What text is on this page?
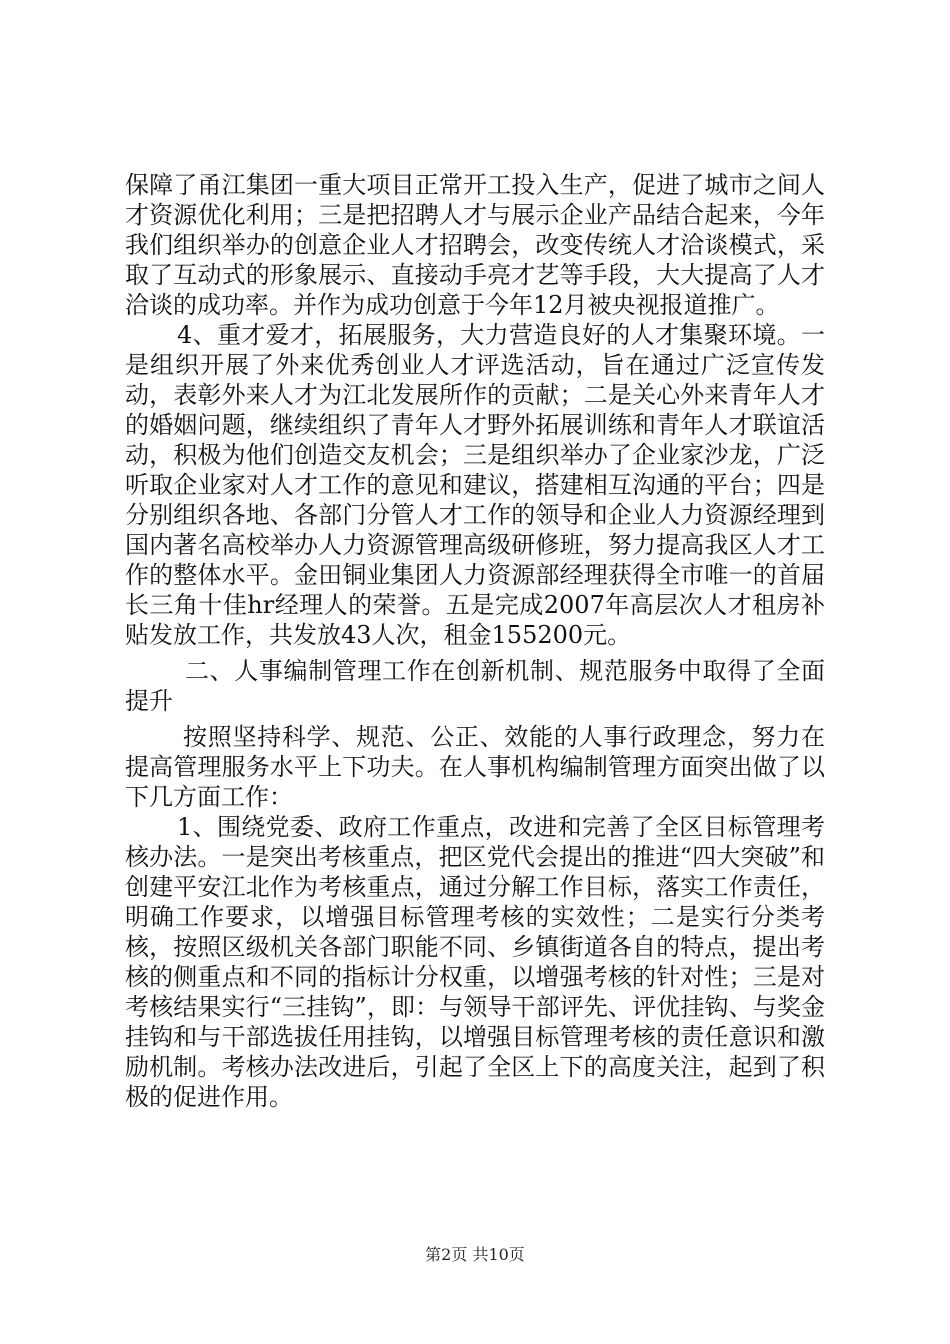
保障了甬江集团一重大项目正常开工投入生产，促进了城市之间人才资源优化利用；三是把招聘人才与展示企业产品结合起来，今年我们组织举办的创意企业人才招聘会，改变传统人才洽谈模式，采取了互动式的形象展示、直接动手亮才艺等手段，大大提高了人才洽谈的成功率。并作为成功创意于今年12月被央视报道推广。

4、重才爱才，拓展服务，大力营造良好的人才集聚环境。一是组织开展了外来优秀创业人才评选活动，旨在通过广泛宣传发动，表彰外来人才为江北发展所作的贡献；二是关心外来青年人才的婚姻问题，继续组织了青年人才野外拓展训练和青年人才联谊活动，积极为他们创造交友机会；三是组织举办了企业家沙龙，广泛听取企业家对人才工作的意见和建议，搭建相互沟通的平台；四是分别组织各地、各部门分管人才工作的领导和企业人力资源经理到国内著名高校举办人力资源管理高级研修班，努力提高我区人才工作的整体水平。金田铜业集团人力资源部经理获得全市唯一的首届长三角十佳hr经理人的荣誉。五是完成2007年高层次人才租房补贴发放工作，共发放43人次，租金155200元。

二、人事编制管理工作在创新机制、规范服务中取得了全面提升

按照坚持科学、规范、公正、效能的人事行政理念，努力在提高管理服务水平上下功夫。在人事机构编制管理方面突出做了以下几方面工作：

1、围绕党委、政府工作重点，改进和完善了全区目标管理考核办法。一是突出考核重点，把区党代会提出的推进“四大突破”和创建平安江北作为考核重点，通过分解工作目标，落实工作责任，明确工作要求，以增强目标管理考核的实效性；二是实行分类考核，按照区级机关各部门职能不同、乡镇街道各自的特点，提出考核的侧重点和不同的指标计分权重，以增强考核的针对性；三是对考核结果实行“三挂钩”，即：与领导干部评先、评优挂钩、与奖金挂钩和与干部选拔任用挂钩，以增强目标管理考核的责任意识和激励机制。考核办法改进后，引起了全区上下的高度关注，起到了积极的促进作用。

第2页 共10页
